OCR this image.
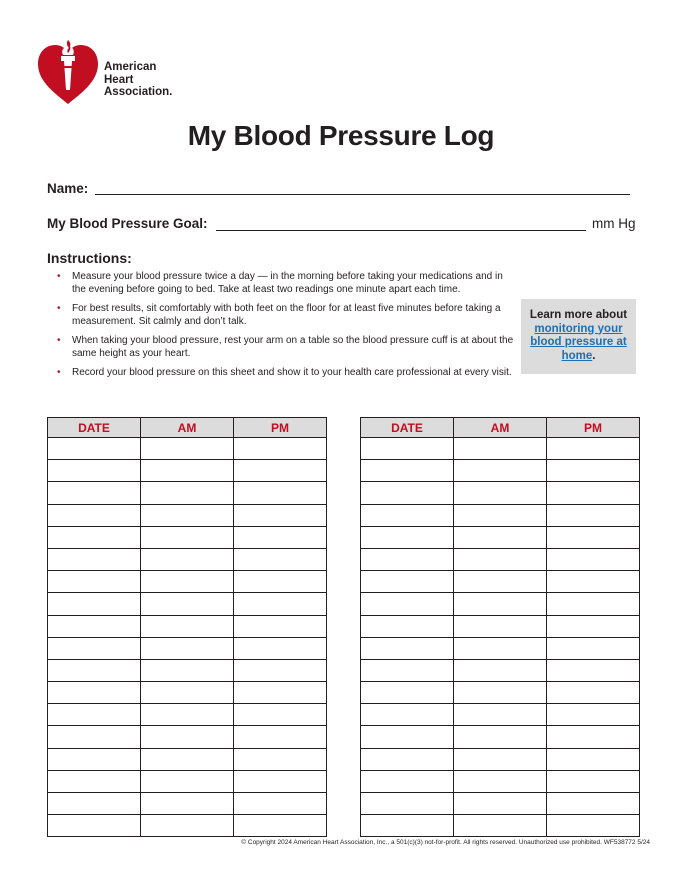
American
Heart
Association.
My Blood Pressure Log
Name:
My Blood Pressure Goal:	mm Hg
Instructions:
• Measure your blood pressure twice a day — in the morning before taking your medications and in the evening before going to bed. Take at least two readings one minute apart each time.
• For best results, sit comfortably with both feet on the floor for at least five minutes before taking a measurement. Sit calmly and don’t talk.
• When taking your blood pressure, rest your arm on a table so the blood pressure cuff is at about the same height as your heart.
• Record your blood pressure on this sheet and show it to your health care professional at every visit.
Learn more about
monitoring your blood pressure at home.
DATE	AM	PM

			DATE	AM	PM

© Copyright 2024 American Heart Association, Inc., a 501(c)(3) not-for-profit. All rights reserved. Unauthorized use prohibited. WF538772 5/24
